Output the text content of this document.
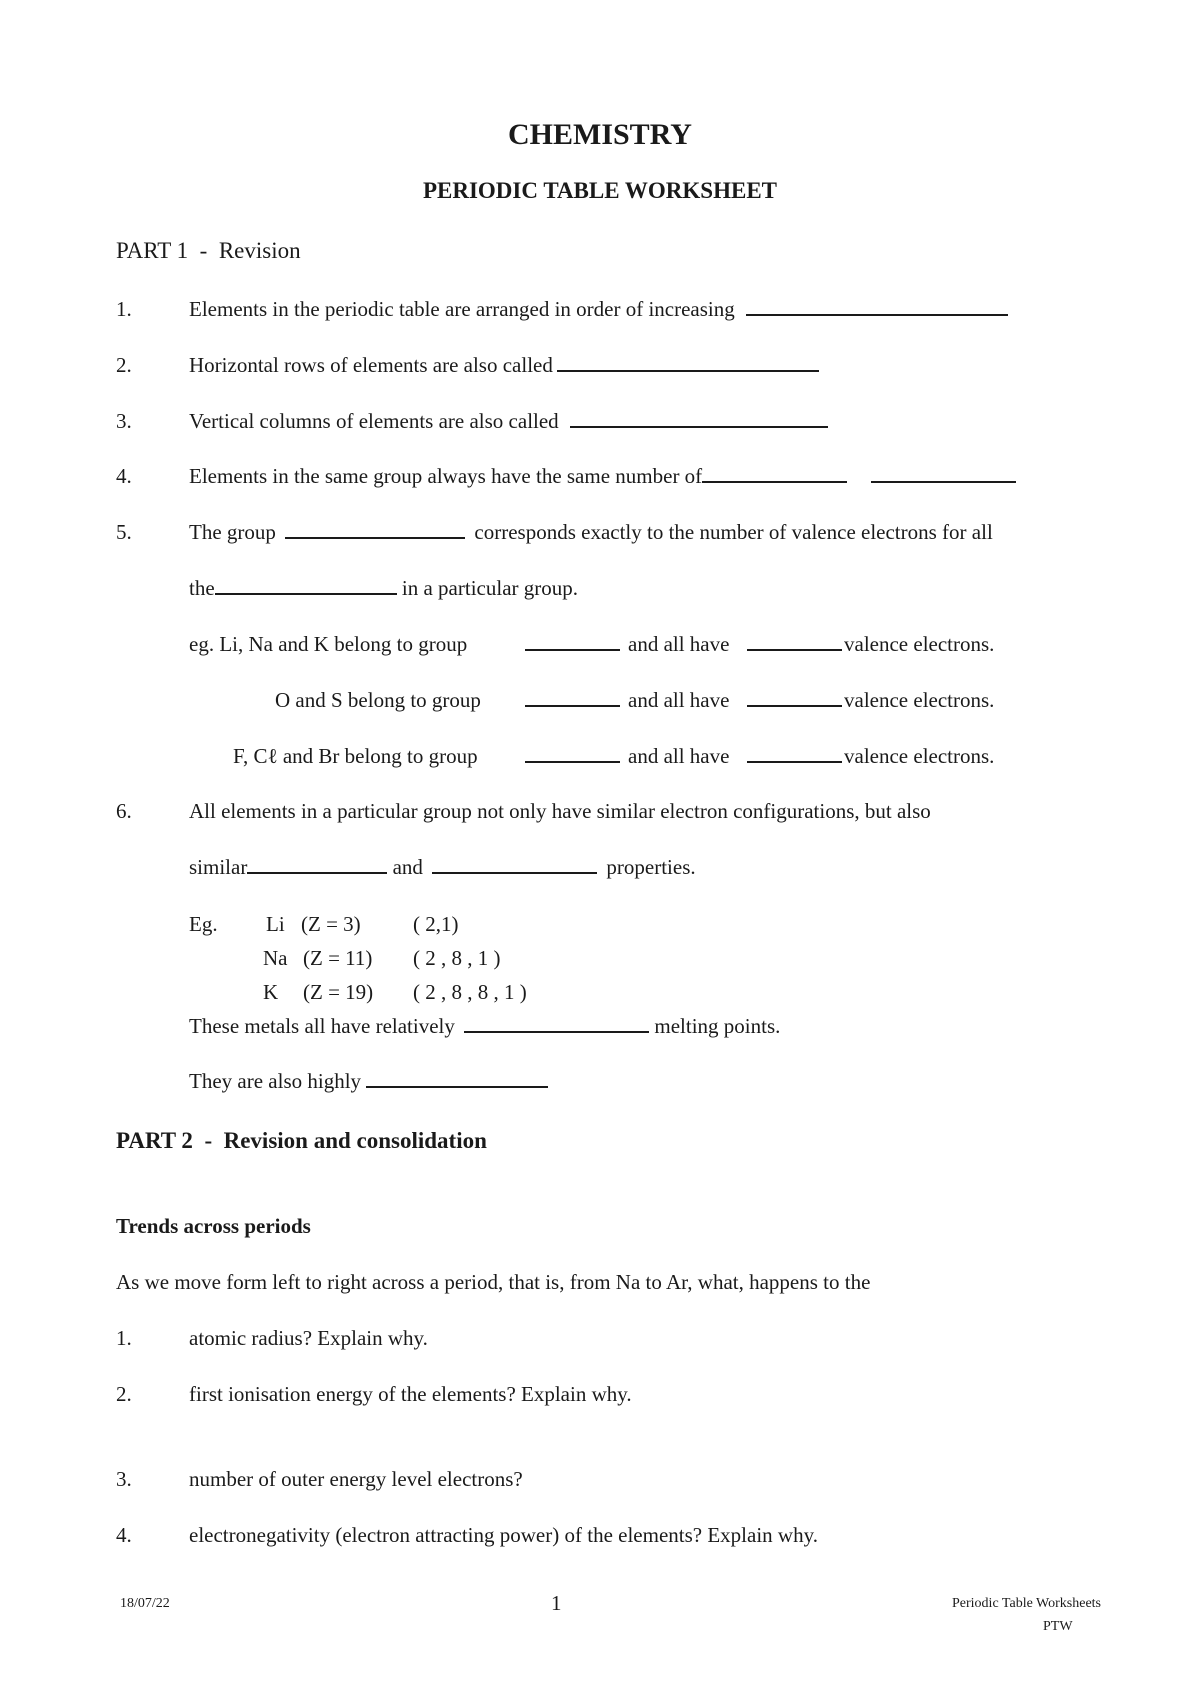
CHEMISTRY
PERIODIC TABLE WORKSHEET
PART 1 - Revision
1.	Elements in the periodic table are arranged in order of increasing
2.	Horizontal rows of elements are also called
3.	Vertical columns of elements are also called
4.	Elements in the same group always have the same number of
5.	The group	corresponds exactly to the number of valence electrons for all
the	in a particular group.
eg. Li, Na and K belong to group
O and S belong to group
F, Cℓ and Br belong to group
and all have	valence electrons.
and all have	valence electrons.
and all have	valence electrons.
6.	All elements in a particular group not only have similar electron configurations, but also
similar	and	properties.
Eg. Li (Z = 3) ( 2,1)
Na (Z = 11) ( 2 , 8 , 1 )
K (Z = 19) ( 2 , 8 , 8 , 1 )
These metals all have relatively	melting points.
They are also highly
PART 2 - Revision and consolidation
Trends across periods
As we move form left to right across a period, that is, from Na to Ar, what, happens to the
1.	atomic radius? Explain why.
2.	first ionisation energy of the elements? Explain why.
3.	number of outer energy level electrons?
4.	electronegativity (electron attracting power) of the elements? Explain why.
18/07/22	1	Periodic Table Worksheets
PTW
